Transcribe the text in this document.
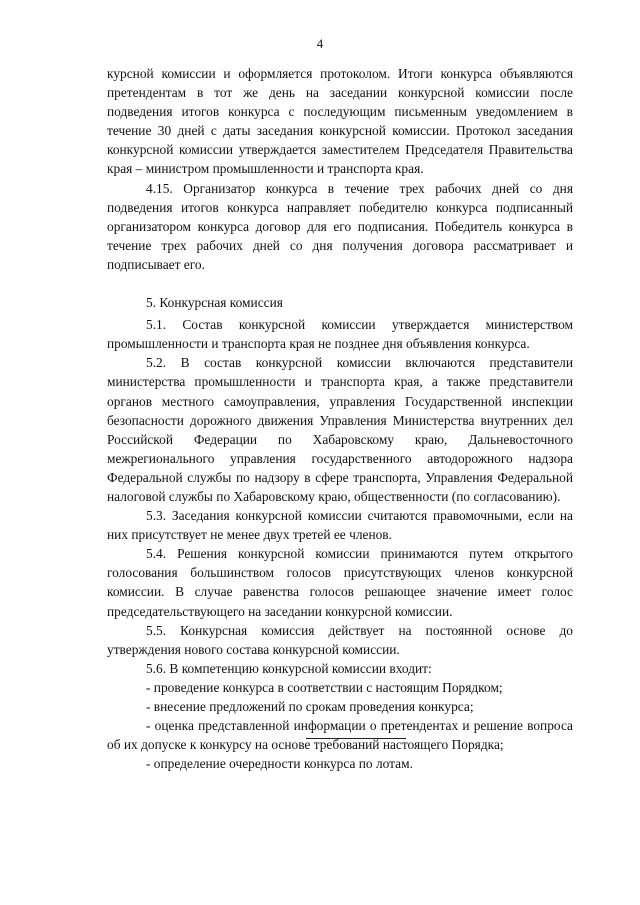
4

курсной комиссии и оформляется протоколом. Итоги конкурса объявляются претендентам в тот же день на заседании конкурсной комиссии после подведения итогов конкурса с последующим письменным уведомлением в течение 30 дней с даты заседания конкурсной комиссии. Протокол заседания конкурсной комиссии утверждается заместителем Председателя Правительства края – министром промышленности и транспорта края.

4.15. Организатор конкурса в течение трех рабочих дней со дня подведения итогов конкурса направляет победителю конкурса подписанный организатором конкурса договор для его подписания. Победитель конкурса в течение трех рабочих дней со дня получения договора рассматривает и подписывает его.

5. Конкурсная комиссия

5.1. Состав конкурсной комиссии утверждается министерством промышленности и транспорта края не позднее дня объявления конкурса.

5.2. В состав конкурсной комиссии включаются представители министерства промышленности и транспорта края, а также представители органов местного самоуправления, управления Государственной инспекции безопасности дорожного движения Управления Министерства внутренних дел Российской Федерации по Хабаровскому краю, Дальневосточного межрегионального управления государственного автодорожного надзора Федеральной службы по надзору в сфере транспорта, Управления Федеральной налоговой службы по Хабаровскому краю, общественности (по согласованию).

5.3. Заседания конкурсной комиссии считаются правомочными, если на них присутствует не менее двух третей ее членов.

5.4. Решения конкурсной комиссии принимаются путем открытого голосования большинством голосов присутствующих членов конкурсной комиссии. В случае равенства голосов решающее значение имеет голос председательствующего на заседании конкурсной комиссии.

5.5. Конкурсная комиссия действует на постоянной основе до утверждения нового состава конкурсной комиссии.

5.6. В компетенцию конкурсной комиссии входит:

- проведение конкурса в соответствии с настоящим Порядком;

- внесение предложений по срокам проведения конкурса;

- оценка представленной информации о претендентах и решение вопроса об их допуске к конкурсу на основе требований настоящего Порядка;

- определение очередности конкурса по лотам.
